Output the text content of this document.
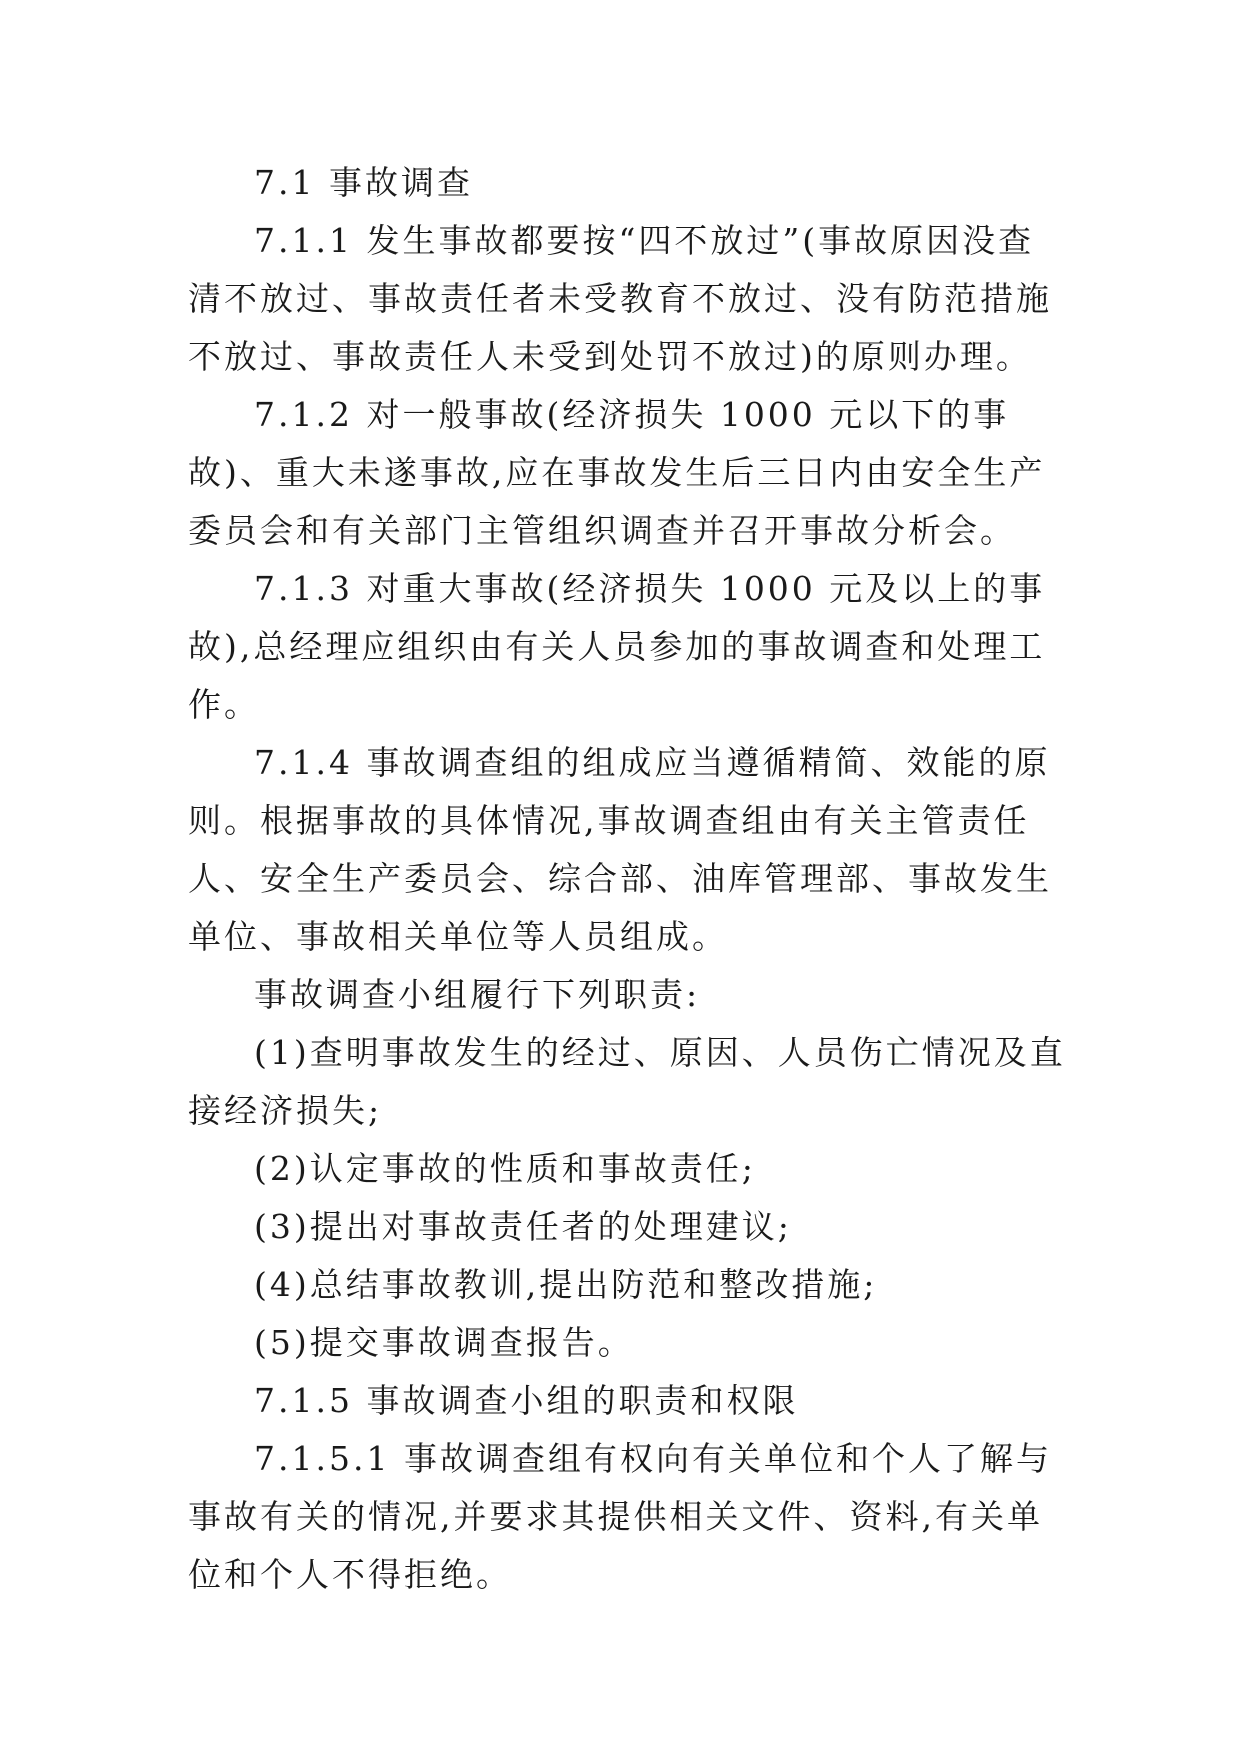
7.1 事故调查

7.1.1 发生事故都要按“四不放过”(事故原因没查清不放过、事故责任者未受教育不放过、没有防范措施不放过、事故责任人未受到处罚不放过)的原则办理。

7.1.2 对一般事故(经济损失 1000 元以下的事故)、重大未遂事故,应在事故发生后三日内由安全生产委员会和有关部门主管组织调查并召开事故分析会。

7.1.3 对重大事故(经济损失 1000 元及以上的事故),总经理应组织由有关人员参加的事故调查和处理工作。

7.1.4 事故调查组的组成应当遵循精简、效能的原则。根据事故的具体情况,事故调查组由有关主管责任人、安全生产委员会、综合部、油库管理部、事故发生单位、事故相关单位等人员组成。

事故调查小组履行下列职责:

(1)查明事故发生的经过、原因、人员伤亡情况及直接经济损失;

(2)认定事故的性质和事故责任;

(3)提出对事故责任者的处理建议;

(4)总结事故教训,提出防范和整改措施;

(5)提交事故调查报告。

7.1.5 事故调查小组的职责和权限

7.1.5.1 事故调查组有权向有关单位和个人了解与事故有关的情况,并要求其提供相关文件、资料,有关单位和个人不得拒绝。
